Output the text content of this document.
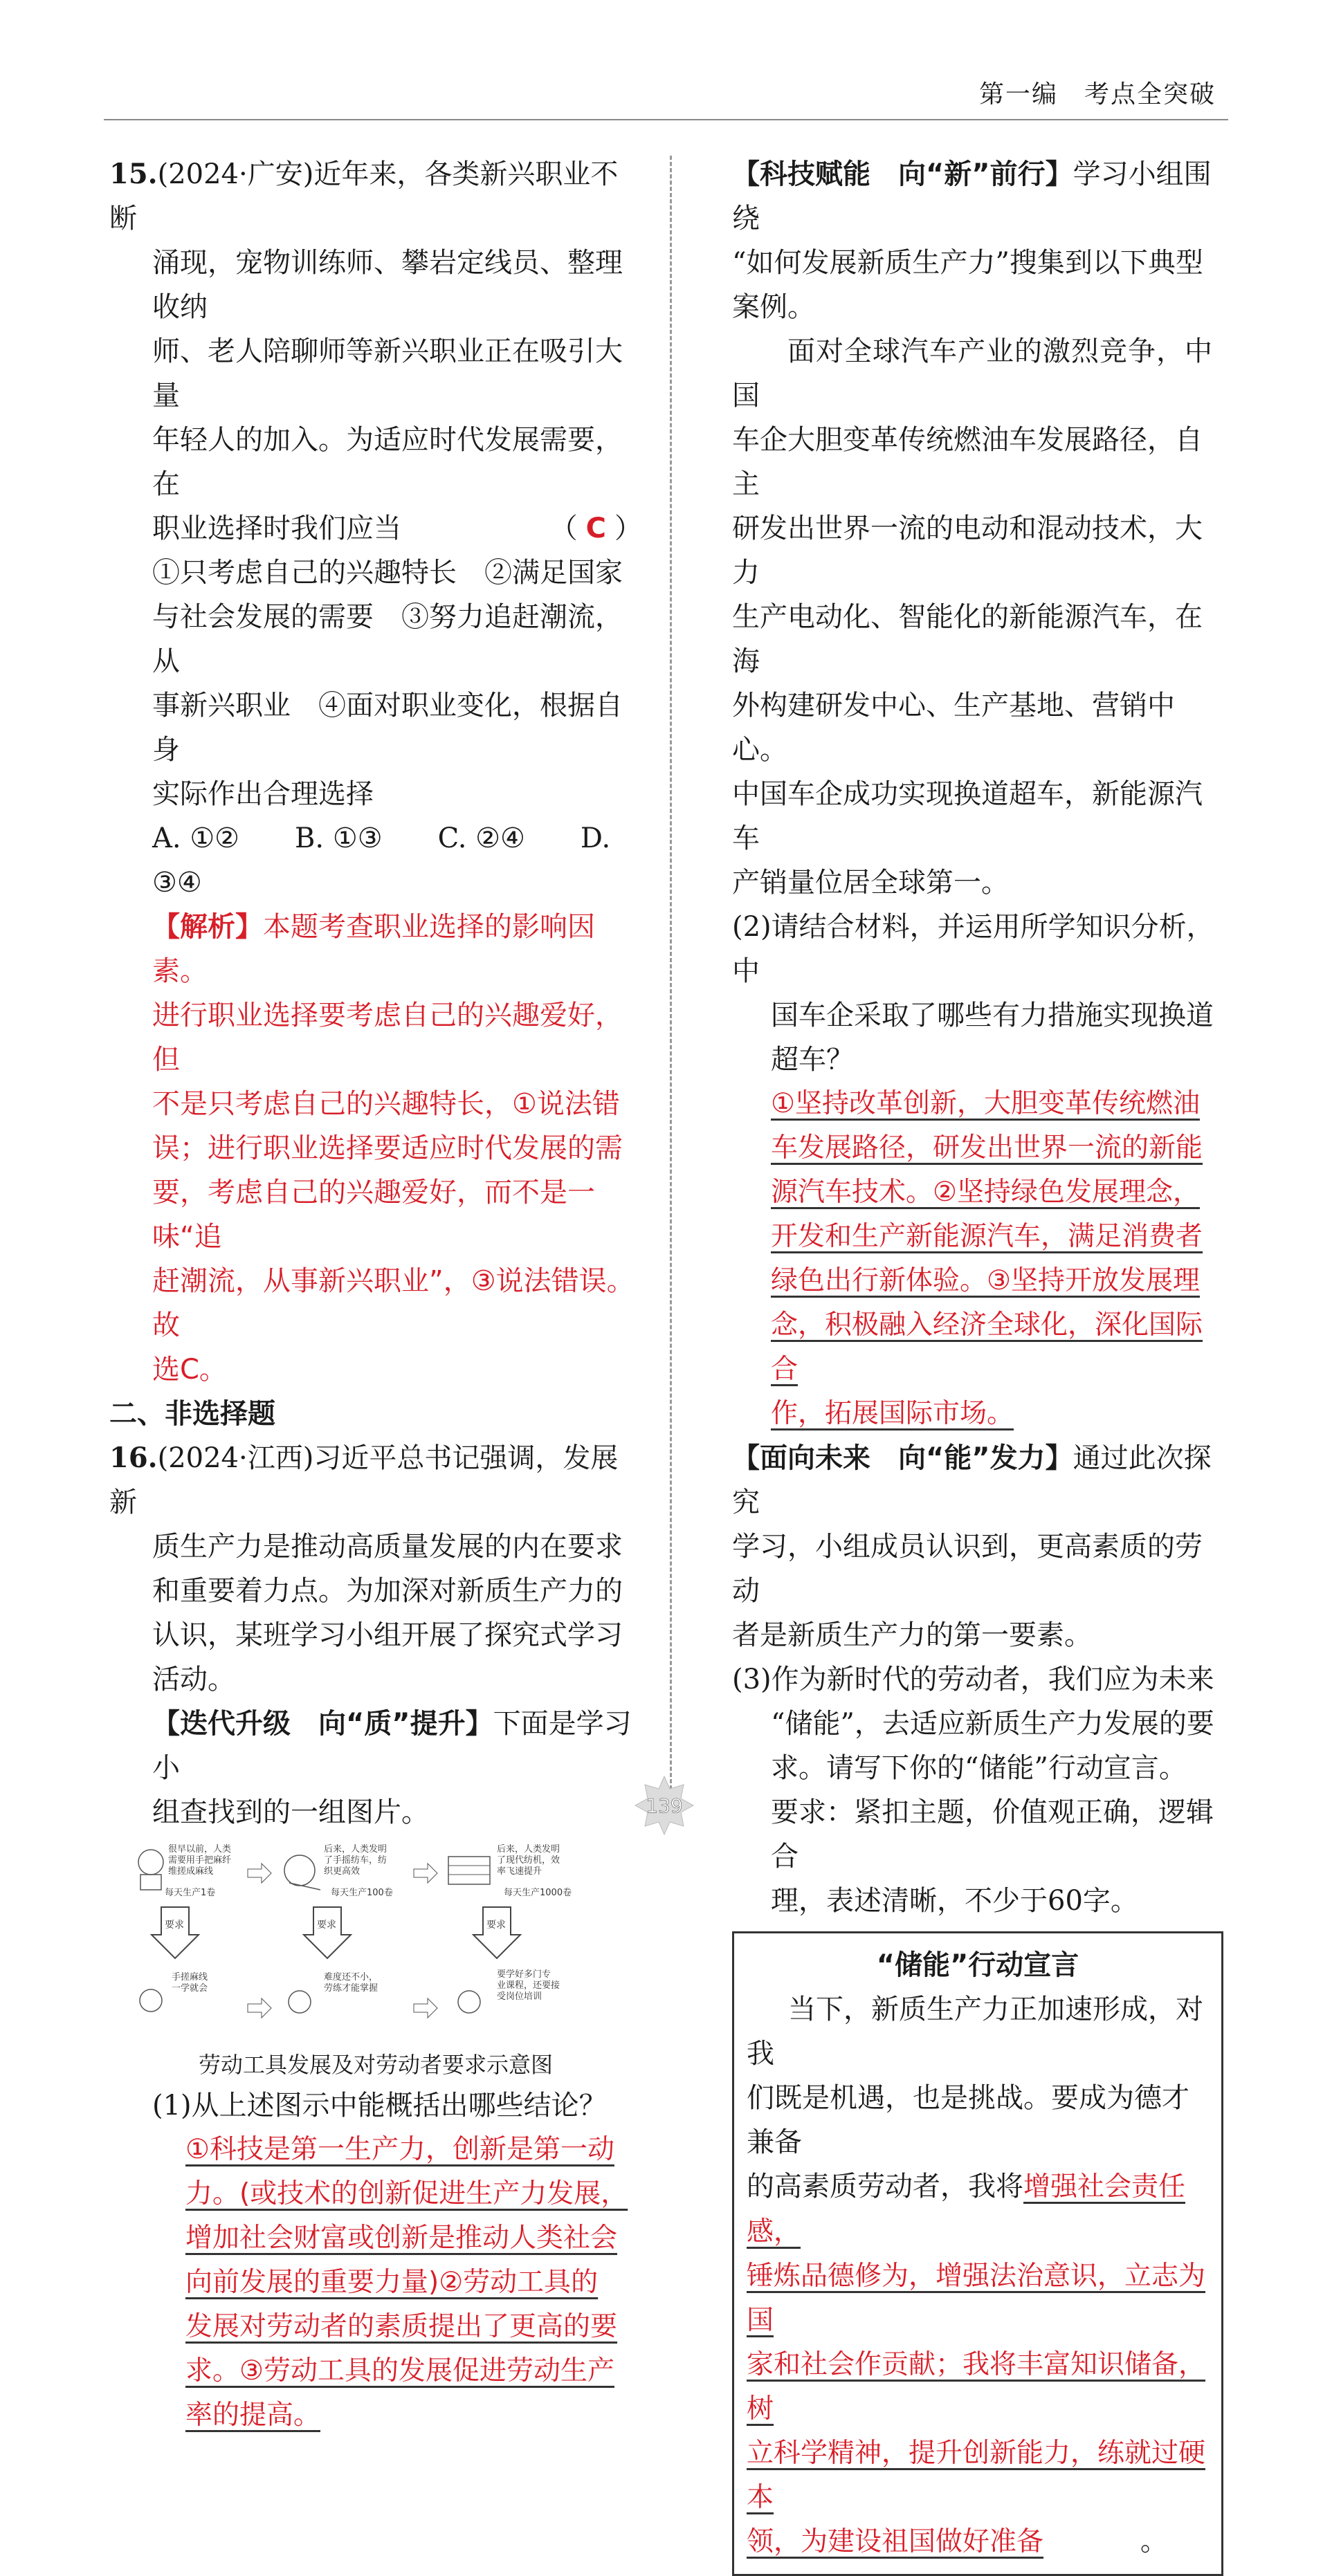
第一编　考点全突破

15.(2024·广安)近年来，各类新兴职业不断

涌现，宠物训练师、攀岩定线员、整理收纳

师、老人陪聊师等新兴职业正在吸引大量

年轻人的加入。为适应时代发展需要，在

职业选择时我们应当	（ C ）

①只考虑自己的兴趣特长　②满足国家

与社会发展的需要　③努力追赶潮流，从

事新兴职业　④面对职业变化，根据自身

实际作出合理选择

A. ①②　　B. ①③　　C. ②④　　D. ③④

【解析】本题考查职业选择的影响因素。

进行职业选择要考虑自己的兴趣爱好，但

不是只考虑自己的兴趣特长，①说法错

误；进行职业选择要适应时代发展的需

要，考虑自己的兴趣爱好，而不是一味“追

赶潮流，从事新兴职业”，③说法错误。故

选C。

二、非选择题

16.(2024·江西)习近平总书记强调，发展新

质生产力是推动高质量发展的内在要求

和重要着力点。为加深对新质生产力的

认识，某班学习小组开展了探究式学习

活动。

【迭代升级　向“质”提升】下面是学习小

组查找到的一组图片。

很早以前，人类
需要用手把麻纤
维搓成麻线
每天生产1卷
后来，人类发明
了手摇纺车，纺
织更高效
每天生产100卷
后来，人类发明
了现代纺机，效
率飞速提升
每天生产1000卷
要求	要求	要求
手搓麻线
一学就会
难度还不小，
劳练才能掌握
要学好多门专
业课程，还要接
受岗位培训

劳动工具发展及对劳动者要求示意图

(1)从上述图示中能概括出哪些结论？

①科技是第一生产力，创新是第一动

力。(或技术的创新促进生产力发展，

增加社会财富或创新是推动人类社会

向前发展的重要力量)②劳动工具的

发展对劳动者的素质提出了更高的要

求。③劳动工具的发展促进劳动生产

率的提高。

【科技赋能　向“新”前行】学习小组围绕

“如何发展新质生产力”搜集到以下典型

案例。

面对全球汽车产业的激烈竞争，中国

车企大胆变革传统燃油车发展路径，自主

研发出世界一流的电动和混动技术，大力

生产电动化、智能化的新能源汽车，在海

外构建研发中心、生产基地、营销中心。

中国车企成功实现换道超车，新能源汽车

产销量位居全球第一。

(2)请结合材料，并运用所学知识分析，中

国车企采取了哪些有力措施实现换道

超车？

①坚持改革创新，大胆变革传统燃油

车发展路径，研发出世界一流的新能

源汽车技术。②坚持绿色发展理念，

开发和生产新能源汽车，满足消费者

绿色出行新体验。③坚持开放发展理

念，积极融入经济全球化，深化国际合

作，拓展国际市场。

【面向未来　向“能”发力】通过此次探究

学习，小组成员认识到，更高素质的劳动

者是新质生产力的第一要素。

(3)作为新时代的劳动者，我们应为未来

“储能”，去适应新质生产力发展的要

求。请写下你的“储能”行动宣言。

要求：紧扣主题，价值观正确，逻辑合

理，表述清晰，不少于60字。

“储能”行动宣言

当下，新质生产力正加速形成，对我

们既是机遇，也是挑战。要成为德才兼备

的高素质劳动者，我将增强社会责任感，

锤炼品德修为，增强法治意识，立志为国

家和社会作贡献；我将丰富知识储备，树

立科学精神，提升创新能力，练就过硬本

领，为建设祖国做好准备	。

139
